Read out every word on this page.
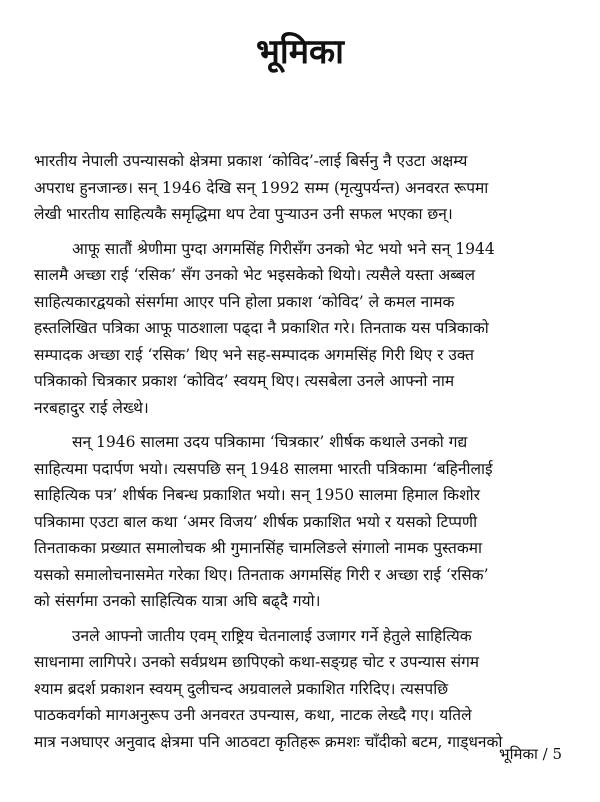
भूमिका

भारतीय नेपाली उपन्यासको क्षेत्रमा प्रकाश ‘कोविद’-लाई बिर्सनु नै एउटा अक्षम्य
अपराध हुनजान्छ। सन् 1946 देखि सन् 1992 सम्म (मृत्युपर्यन्त) अनवरत रूपमा
लेखी भारतीय साहित्यकै समृद्धिमा थप टेवा पुऱ्याउन उनी सफल भएका छन्।

आफू सातौं श्रेणीमा पुग्दा अगमसिंह गिरीसँग उनको भेट भयो भने सन् 1944
सालमै अच्छा राई ‘रसिक’ सँग उनको भेट भइसकेको थियो। त्यसैले यस्ता अब्बल
साहित्यकारद्वयको संसर्गमा आएर पनि होला प्रकाश ‘कोविद’ ले कमल नामक
हस्तलिखित पत्रिका आफू पाठशाला पढ्दा नै प्रकाशित गरे। तिनताक यस पत्रिकाको
सम्पादक अच्छा राई ‘रसिक’ थिए भने सह-सम्पादक अगमसिंह गिरी थिए र उक्त
पत्रिकाको चित्रकार प्रकाश ‘कोविद’ स्वयम् थिए। त्यसबेला उनले आफ्नो नाम
नरबहादुर राई लेख्थे।

सन् 1946 सालमा उदय पत्रिकामा ‘चित्रकार’ शीर्षक कथाले उनको गद्य
साहित्यमा पदार्पण भयो। त्यसपछि सन् 1948 सालमा भारती पत्रिकामा ‘बहिनीलाई
साहित्यिक पत्र’ शीर्षक निबन्ध प्रकाशित भयो। सन् 1950 सालमा हिमाल किशोर
पत्रिकामा एउटा बाल कथा ‘अमर विजय’ शीर्षक प्रकाशित भयो र यसको टिप्पणी
तिनताकका प्रख्यात समालोचक श्री गुमानसिंह चामलिङले संगालो नामक पुस्तकमा
यसको समालोचनासमेत गरेका थिए। तिनताक अगमसिंह गिरी र अच्छा राई ‘रसिक’
को संसर्गमा उनको साहित्यिक यात्रा अघि बढ्दै गयो।

उनले आफ्नो जातीय एवम् राष्ट्रिय चेतनालाई उजागर गर्ने हेतुले साहित्यिक
साधनामा लागिपरे। उनको सर्वप्रथम छापिएको कथा-सङ्ग्रह चोट र उपन्यास संगम
श्याम ब्रदर्श प्रकाशन स्वयम् दुलीचन्द अग्रवालले प्रकाशित गरिदिए। त्यसपछि
पाठकवर्गको मागअनुरूप उनी अनवरत उपन्यास, कथा, नाटक लेख्दै गए। यतिले
मात्र नअघाएर अनुवाद क्षेत्रमा पनि आठवटा कृतिहरू क्रमशः चाँदीको बटम, गाड्धनको

भूमिका / 5
